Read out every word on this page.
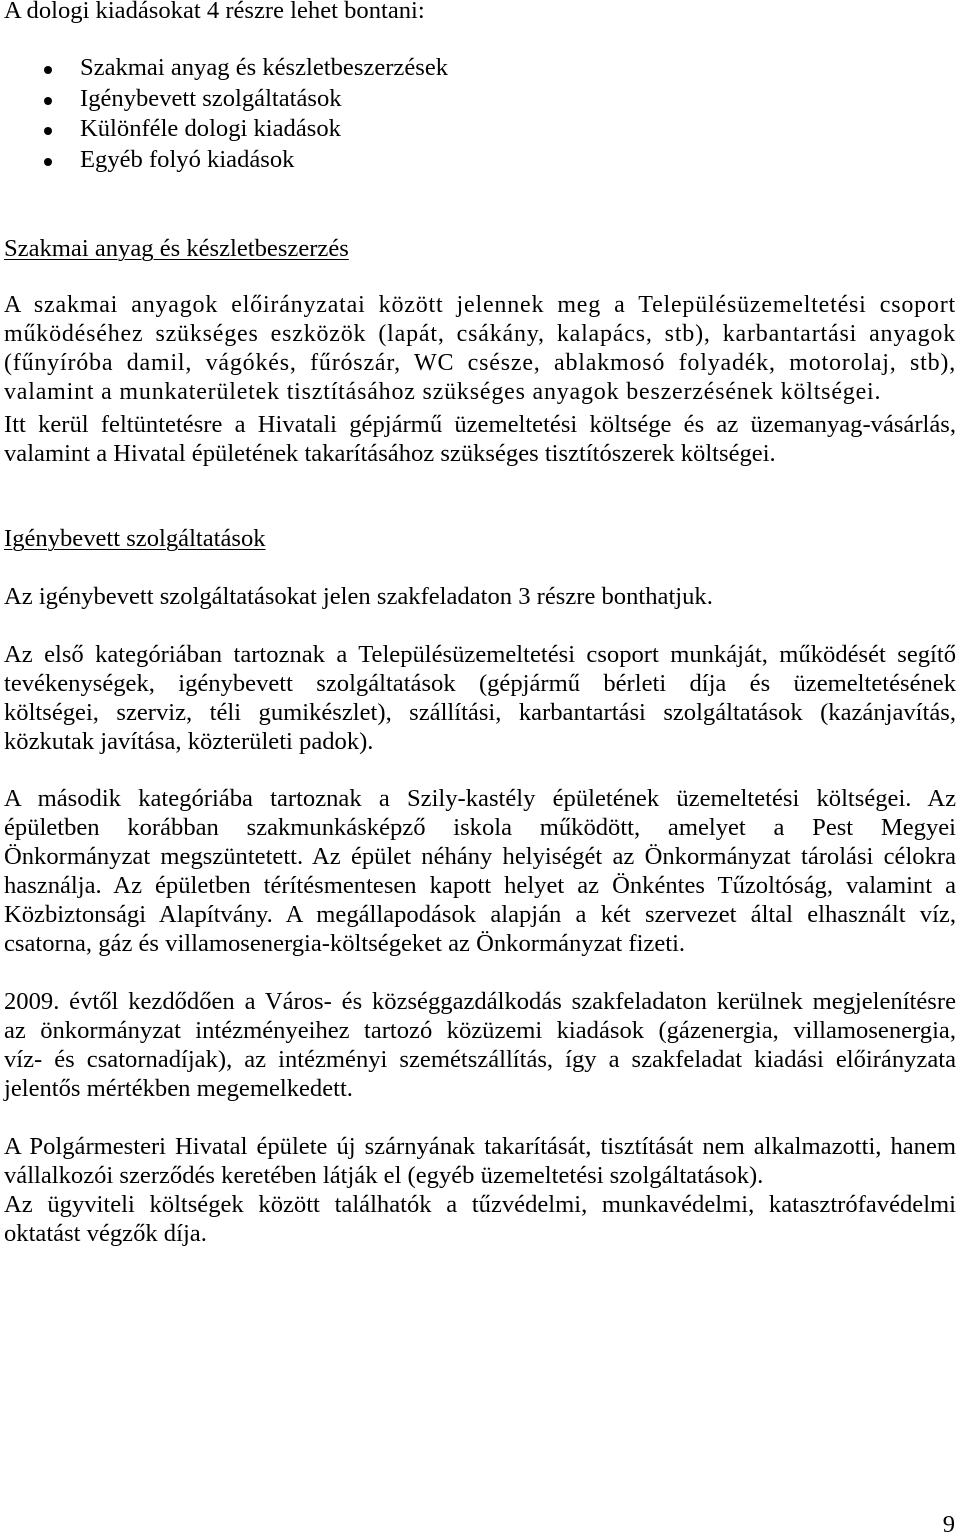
A dologi kiadásokat 4 részre lehet bontani:
Szakmai anyag és készletbeszerzések
Igénybevett szolgáltatások
Különféle dologi kiadások
Egyéb folyó kiadások
Szakmai anyag és készletbeszerzés
A szakmai anyagok előirányzatai között jelennek meg a Településüzemeltetési csoport
működéséhez szükséges eszközök (lapát, csákány, kalapács, stb), karbantartási anyagok
(fűnyíróba damil, vágókés, fűrószár, WC csésze, ablakmosó folyadék, motorolaj, stb),
valamint a munkaterületek tisztításához szükséges anyagok beszerzésének költségei.
Itt kerül feltüntetésre a Hivatali gépjármű üzemeltetési költsége és az üzemanyag-vásárlás,
valamint a Hivatal épületének takarításához szükséges tisztítószerek költségei.
Igénybevett szolgáltatások
Az igénybevett szolgáltatásokat jelen szakfeladaton 3 részre bonthatjuk.
Az első kategóriában tartoznak a Településüzemeltetési csoport munkáját, működését segítő
tevékenységek, igénybevett szolgáltatások (gépjármű bérleti díja és üzemeltetésének
költségei, szerviz, téli gumikészlet), szállítási, karbantartási szolgáltatások (kazánjavítás,
közkutak javítása, közterületi padok).
A második kategóriába tartoznak a Szily-kastély épületének üzemeltetési költségei. Az
épületben korábban szakmunkásképző iskola működött, amelyet a Pest Megyei
Önkormányzat megszüntetett. Az épület néhány helyiségét az Önkormányzat tárolási célokra
használja. Az épületben térítésmentesen kapott helyet az Önkéntes Tűzoltóság, valamint a
Közbiztonsági Alapítvány. A megállapodások alapján a két szervezet által elhasznált víz,
csatorna, gáz és villamosenergia-költségeket az Önkormányzat fizeti.
2009. évtől kezdődően a Város- és községgazdálkodás szakfeladaton kerülnek megjelenítésre
az önkormányzat intézményeihez tartozó közüzemi kiadások (gázenergia, villamosenergia,
víz- és csatornadíjak), az intézményi szemétszállítás, így a szakfeladat kiadási előirányzata
jelentős mértékben megemelkedett.
A Polgármesteri Hivatal épülete új szárnyának takarítását, tisztítását nem alkalmazotti, hanem
vállalkozói szerződés keretében látják el (egyéb üzemeltetési szolgáltatások).
Az ügyviteli költségek között találhatók a tűzvédelmi, munkavédelmi, katasztrófavédelmi
oktatást végzők díja.
9
